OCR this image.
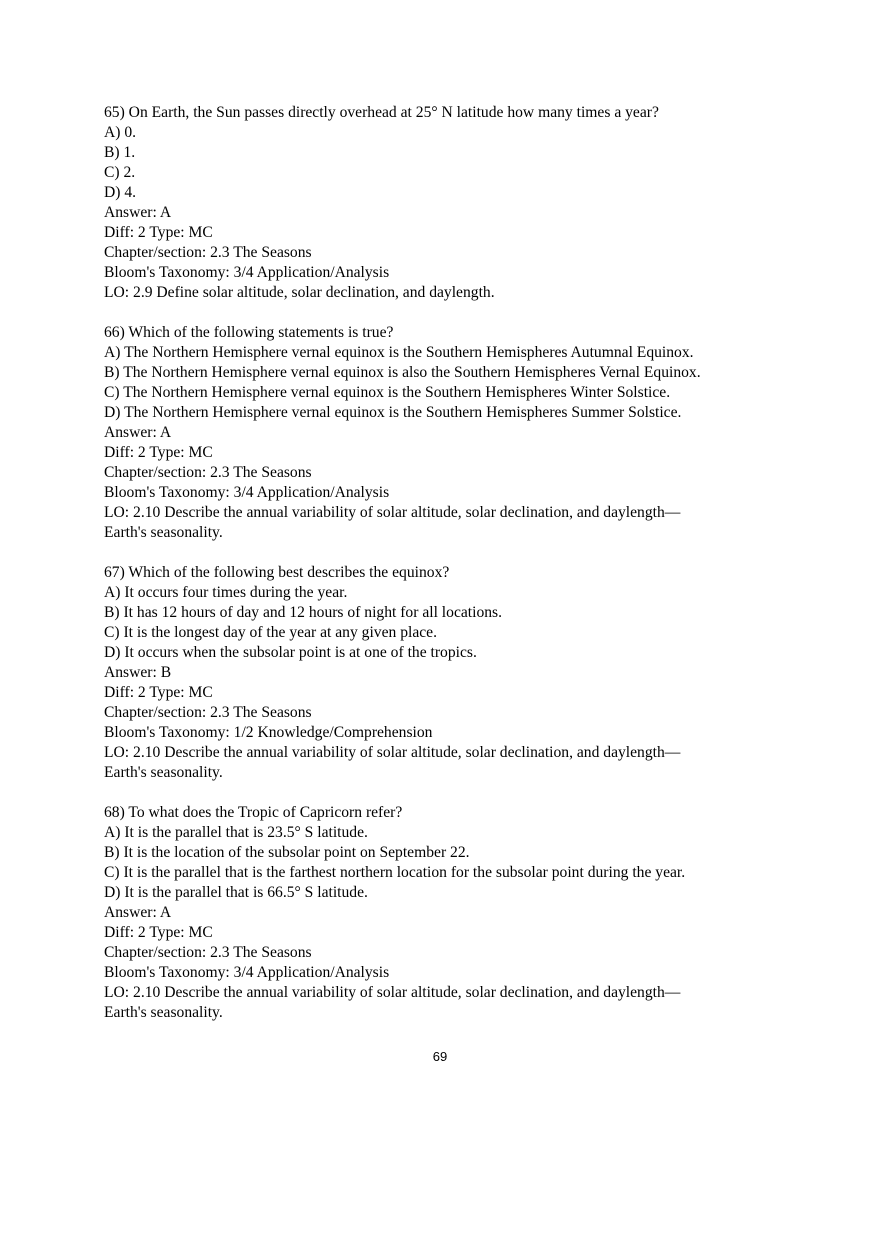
65) On Earth, the Sun passes directly overhead at 25° N latitude how many times a year?
A) 0.
B) 1.
C) 2.
D) 4.
Answer: A
Diff: 2 Type: MC
Chapter/section: 2.3 The Seasons
Bloom's Taxonomy: 3/4 Application/Analysis
LO: 2.9 Define solar altitude, solar declination, and daylength.
66) Which of the following statements is true?
A) The Northern Hemisphere vernal equinox is the Southern Hemispheres Autumnal Equinox.
B) The Northern Hemisphere vernal equinox is also the Southern Hemispheres Vernal Equinox.
C) The Northern Hemisphere vernal equinox is the Southern Hemispheres Winter Solstice.
D) The Northern Hemisphere vernal equinox is the Southern Hemispheres Summer Solstice.
Answer: A
Diff: 2 Type: MC
Chapter/section: 2.3 The Seasons
Bloom's Taxonomy: 3/4 Application/Analysis
LO: 2.10 Describe the annual variability of solar altitude, solar declination, and daylength—
Earth's seasonality.
67) Which of the following best describes the equinox?
A) It occurs four times during the year.
B) It has 12 hours of day and 12 hours of night for all locations.
C) It is the longest day of the year at any given place.
D) It occurs when the subsolar point is at one of the tropics.
Answer: B
Diff: 2 Type: MC
Chapter/section: 2.3 The Seasons
Bloom's Taxonomy: 1/2 Knowledge/Comprehension
LO: 2.10 Describe the annual variability of solar altitude, solar declination, and daylength—
Earth's seasonality.
68) To what does the Tropic of Capricorn refer?
A) It is the parallel that is 23.5° S latitude.
B) It is the location of the subsolar point on September 22.
C) It is the parallel that is the farthest northern location for the subsolar point during the year.
D) It is the parallel that is 66.5° S latitude.
Answer: A
Diff: 2 Type: MC
Chapter/section: 2.3 The Seasons
Bloom's Taxonomy: 3/4 Application/Analysis
LO: 2.10 Describe the annual variability of solar altitude, solar declination, and daylength—
Earth's seasonality.
69
